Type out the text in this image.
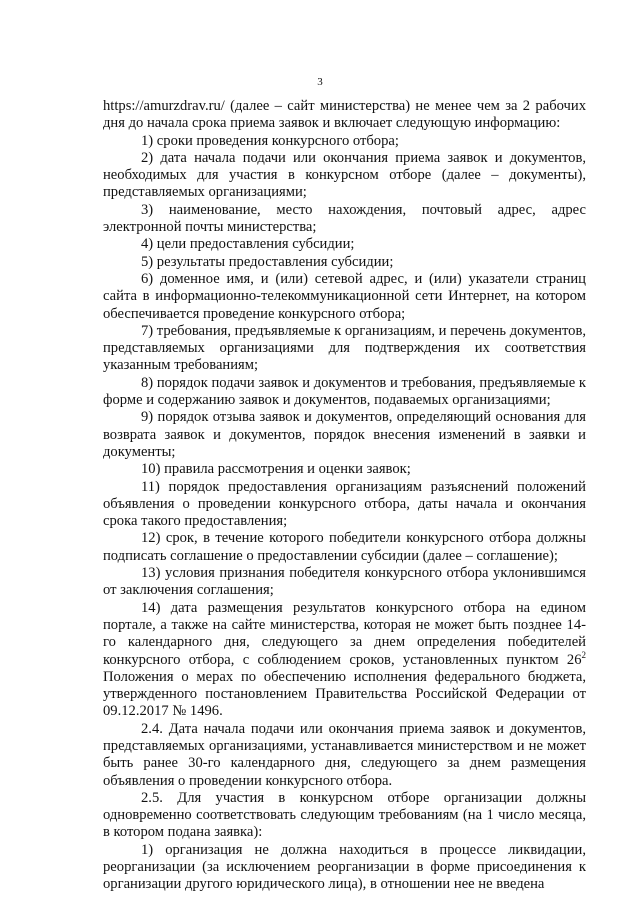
3

https://amurzdrav.ru/ (далее – сайт министерства) не менее чем за 2 рабочих дня до начала срока приема заявок и включает следующую информацию:

1) сроки проведения конкурсного отбора;

2) дата начала подачи или окончания приема заявок и документов, необходимых для участия в конкурсном отборе (далее – документы), представляемых организациями;

3) наименование, место нахождения, почтовый адрес, адрес электронной почты министерства;

4) цели предоставления субсидии;

5) результаты предоставления субсидии;

6) доменное имя, и (или) сетевой адрес, и (или) указатели страниц сайта в информационно-телекоммуникационной сети Интернет, на котором обеспечивается проведение конкурсного отбора;

7) требования, предъявляемые к организациям, и перечень документов, представляемых организациями для подтверждения их соответствия указанным требованиям;

8) порядок подачи заявок и документов и требования, предъявляемые к форме и содержанию заявок и документов, подаваемых организациями;

9) порядок отзыва заявок и документов, определяющий основания для возврата заявок и документов, порядок внесения изменений в заявки и документы;

10) правила рассмотрения и оценки заявок;

11) порядок предоставления организациям разъяснений положений объявления о проведении конкурсного отбора, даты начала и окончания срока такого предоставления;

12) срок, в течение которого победители конкурсного отбора должны подписать соглашение о предоставлении субсидии (далее – соглашение);

13) условия признания победителя конкурсного отбора уклонившимся от заключения соглашения;

14) дата размещения результатов конкурсного отбора на едином портале, а также на сайте министерства, которая не может быть позднее 14-го календарного дня, следующего за днем определения победителей конкурсного отбора, с соблюдением сроков, установленных пунктом $26^2$ Положения о мерах по обеспечению исполнения федерального бюджета, утвержденного постановлением Правительства Российской Федерации от 09.12.2017 № 1496.

2.4. Дата начала подачи или окончания приема заявок и документов, представляемых организациями, устанавливается министерством и не может быть ранее 30-го календарного дня, следующего за днем размещения объявления о проведении конкурсного отбора.

2.5. Для участия в конкурсном отборе организации должны одновременно соответствовать следующим требованиям (на 1 число месяца, в котором подана заявка):

1) организация не должна находиться в процессе ликвидации, реорганизации (за исключением реорганизации в форме присоединения к организации другого юридического лица), в отношении нее не введена
